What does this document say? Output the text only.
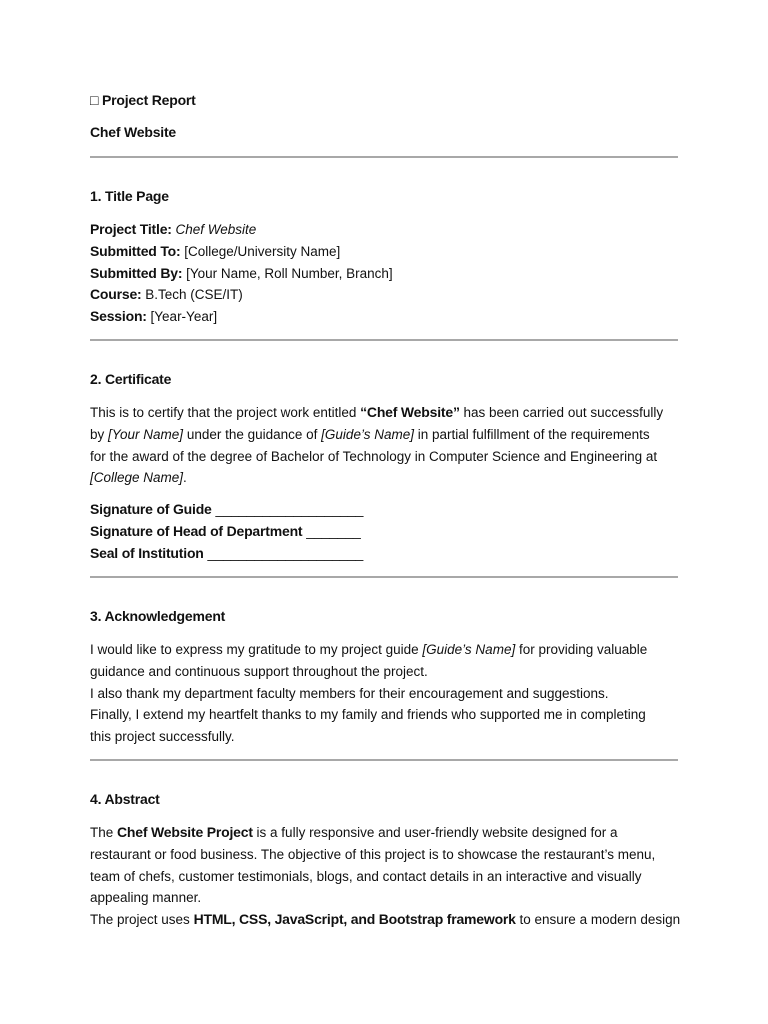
□ Project Report
Chef Website
1. Title Page
Project Title: Chef Website
Submitted To: [College/University Name]
Submitted By: [Your Name, Roll Number, Branch]
Course: B.Tech (CSE/IT)
Session: [Year-Year]
2. Certificate
This is to certify that the project work entitled “Chef Website” has been carried out successfully
by [Your Name] under the guidance of [Guide’s Name] in partial fulfillment of the requirements
for the award of the degree of Bachelor of Technology in Computer Science and Engineering at
[College Name].
Signature of Guide ___________________
Signature of Head of Department _______
Seal of Institution ____________________
3. Acknowledgement
I would like to express my gratitude to my project guide [Guide’s Name] for providing valuable
guidance and continuous support throughout the project.
I also thank my department faculty members for their encouragement and suggestions.
Finally, I extend my heartfelt thanks to my family and friends who supported me in completing
this project successfully.
4. Abstract
The Chef Website Project is a fully responsive and user-friendly website designed for a
restaurant or food business. The objective of this project is to showcase the restaurant’s menu,
team of chefs, customer testimonials, blogs, and contact details in an interactive and visually
appealing manner.
The project uses HTML, CSS, JavaScript, and Bootstrap framework to ensure a modern design
